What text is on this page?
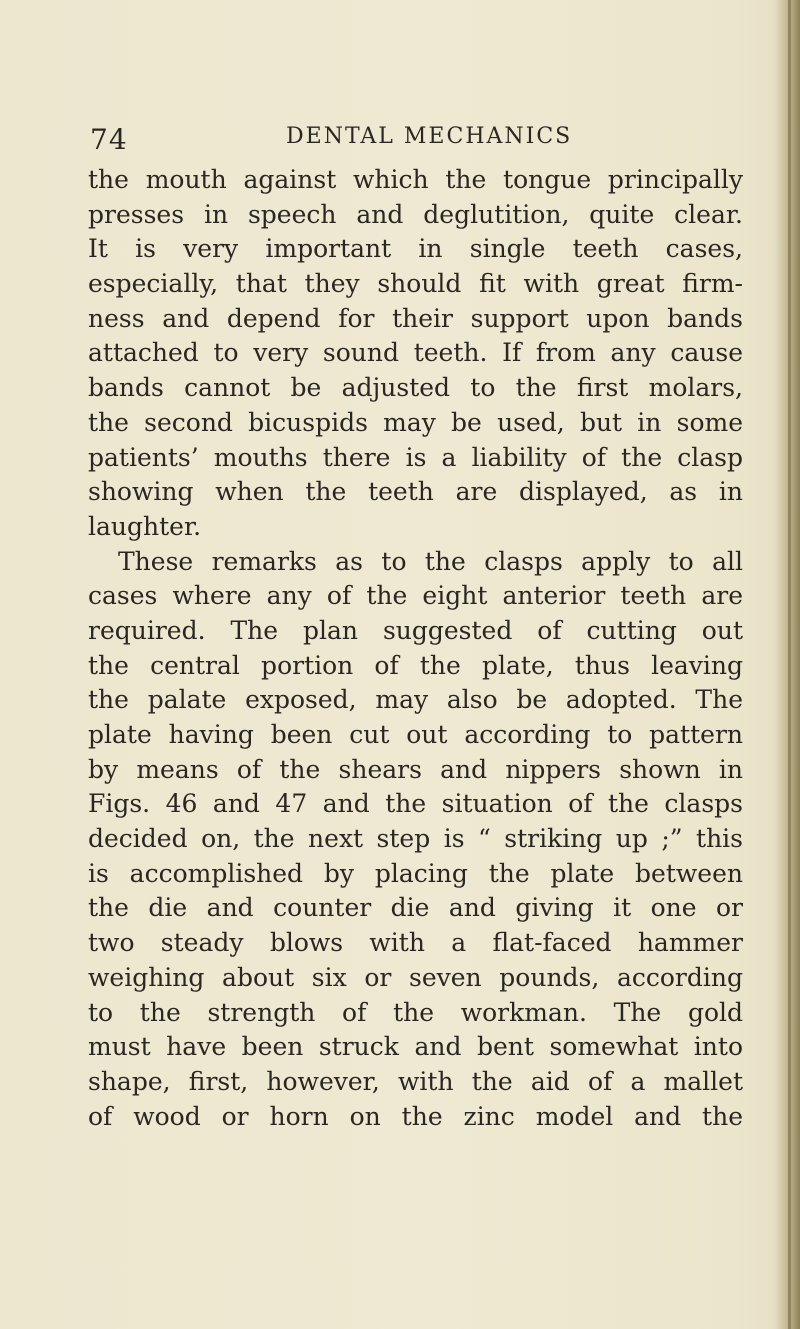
74	DENTAL MECHANICS
the mouth against which the tongue principally
presses in speech and deglutition, quite clear.
It is very important in single teeth cases,
especially, that they should fit with great firm-
ness and depend for their support upon bands
attached to very sound teeth. If from any cause
bands cannot be adjusted to the first molars,
the second bicuspids may be used, but in some
patients’ mouths there is a liability of the clasp
showing when the teeth are displayed, as in
laughter.
These remarks as to the clasps apply to all
cases where any of the eight anterior teeth are
required. The plan suggested of cutting out
the central portion of the plate, thus leaving
the palate exposed, may also be adopted. The
plate having been cut out according to pattern
by means of the shears and nippers shown in
Figs. 46 and 47 and the situation of the clasps
decided on, the next step is “ striking up ;” this
is accomplished by placing the plate between
the die and counter die and giving it one or
two steady blows with a flat-faced hammer
weighing about six or seven pounds, according
to the strength of the workman. The gold
must have been struck and bent somewhat into
shape, first, however, with the aid of a mallet
of wood or horn on the zinc model and the
